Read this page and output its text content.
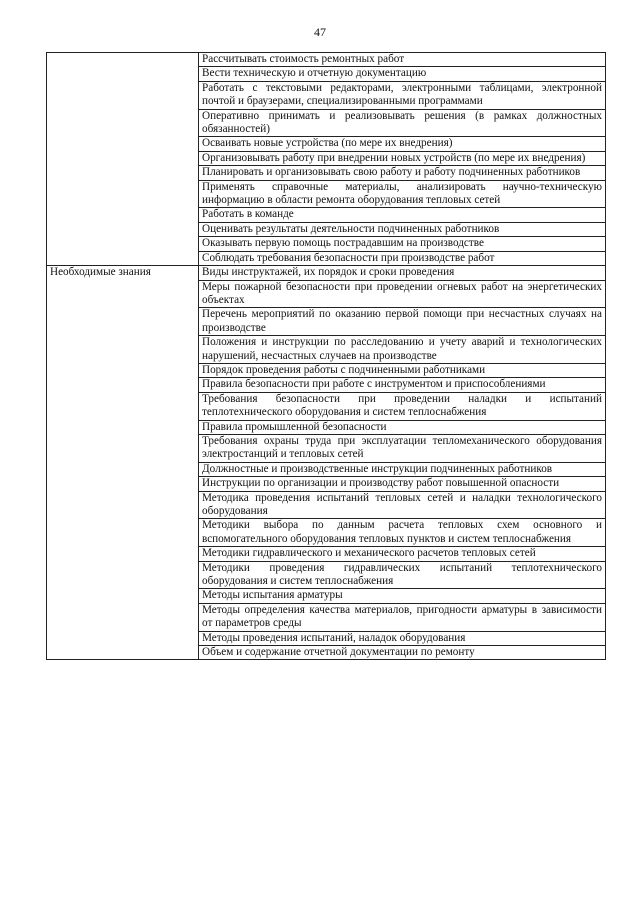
47
	Рассчитывать стоимость ремонтных работ
	Вести техническую и отчетную документацию
	Работать с текстовыми редакторами, электронными таблицами, электронной почтой и браузерами, специализированными программами
	Оперативно принимать и реализовывать решения (в рамках должностных обязанностей)
	Осваивать новые устройства (по мере их внедрения)
	Организовывать работу при внедрении новых устройств (по мере их внедрения)
	Планировать и организовывать свою работу и работу подчиненных работников
	Применять справочные материалы, анализировать научно-техническую информацию в области ремонта оборудования тепловых сетей
	Работать в команде
	Оценивать результаты деятельности подчиненных работников
	Оказывать первую помощь пострадавшим на производстве
	Соблюдать требования безопасности при производстве работ
Необходимые знания	Виды инструктажей, их порядок и сроки проведения
	Меры пожарной безопасности при проведении огневых работ на энергетических объектах
	Перечень мероприятий по оказанию первой помощи при несчастных случаях на производстве
	Положения и инструкции по расследованию и учету аварий и технологических нарушений, несчастных случаев на производстве
	Порядок проведения работы с подчиненными работниками
	Правила безопасности при работе с инструментом и приспособлениями
	Требования безопасности при проведении наладки и испытаний теплотехнического оборудования и систем теплоснабжения
	Правила промышленной безопасности
	Требования охраны труда при эксплуатации тепломеханического оборудования электростанций и тепловых сетей
	Должностные и производственные инструкции подчиненных работников
	Инструкции по организации и производству работ повышенной опасности
	Методика проведения испытаний тепловых сетей и наладки технологического оборудования
	Методики выбора по данным расчета тепловых схем основного и вспомогательного оборудования тепловых пунктов и систем теплоснабжения
	Методики гидравлического и механического расчетов тепловых сетей
	Методики проведения гидравлических испытаний теплотехнического оборудования и систем теплоснабжения
	Методы испытания арматуры
	Методы определения качества материалов, пригодности арматуры в зависимости от параметров среды
	Методы проведения испытаний, наладок оборудования
	Объем и содержание отчетной документации по ремонту
